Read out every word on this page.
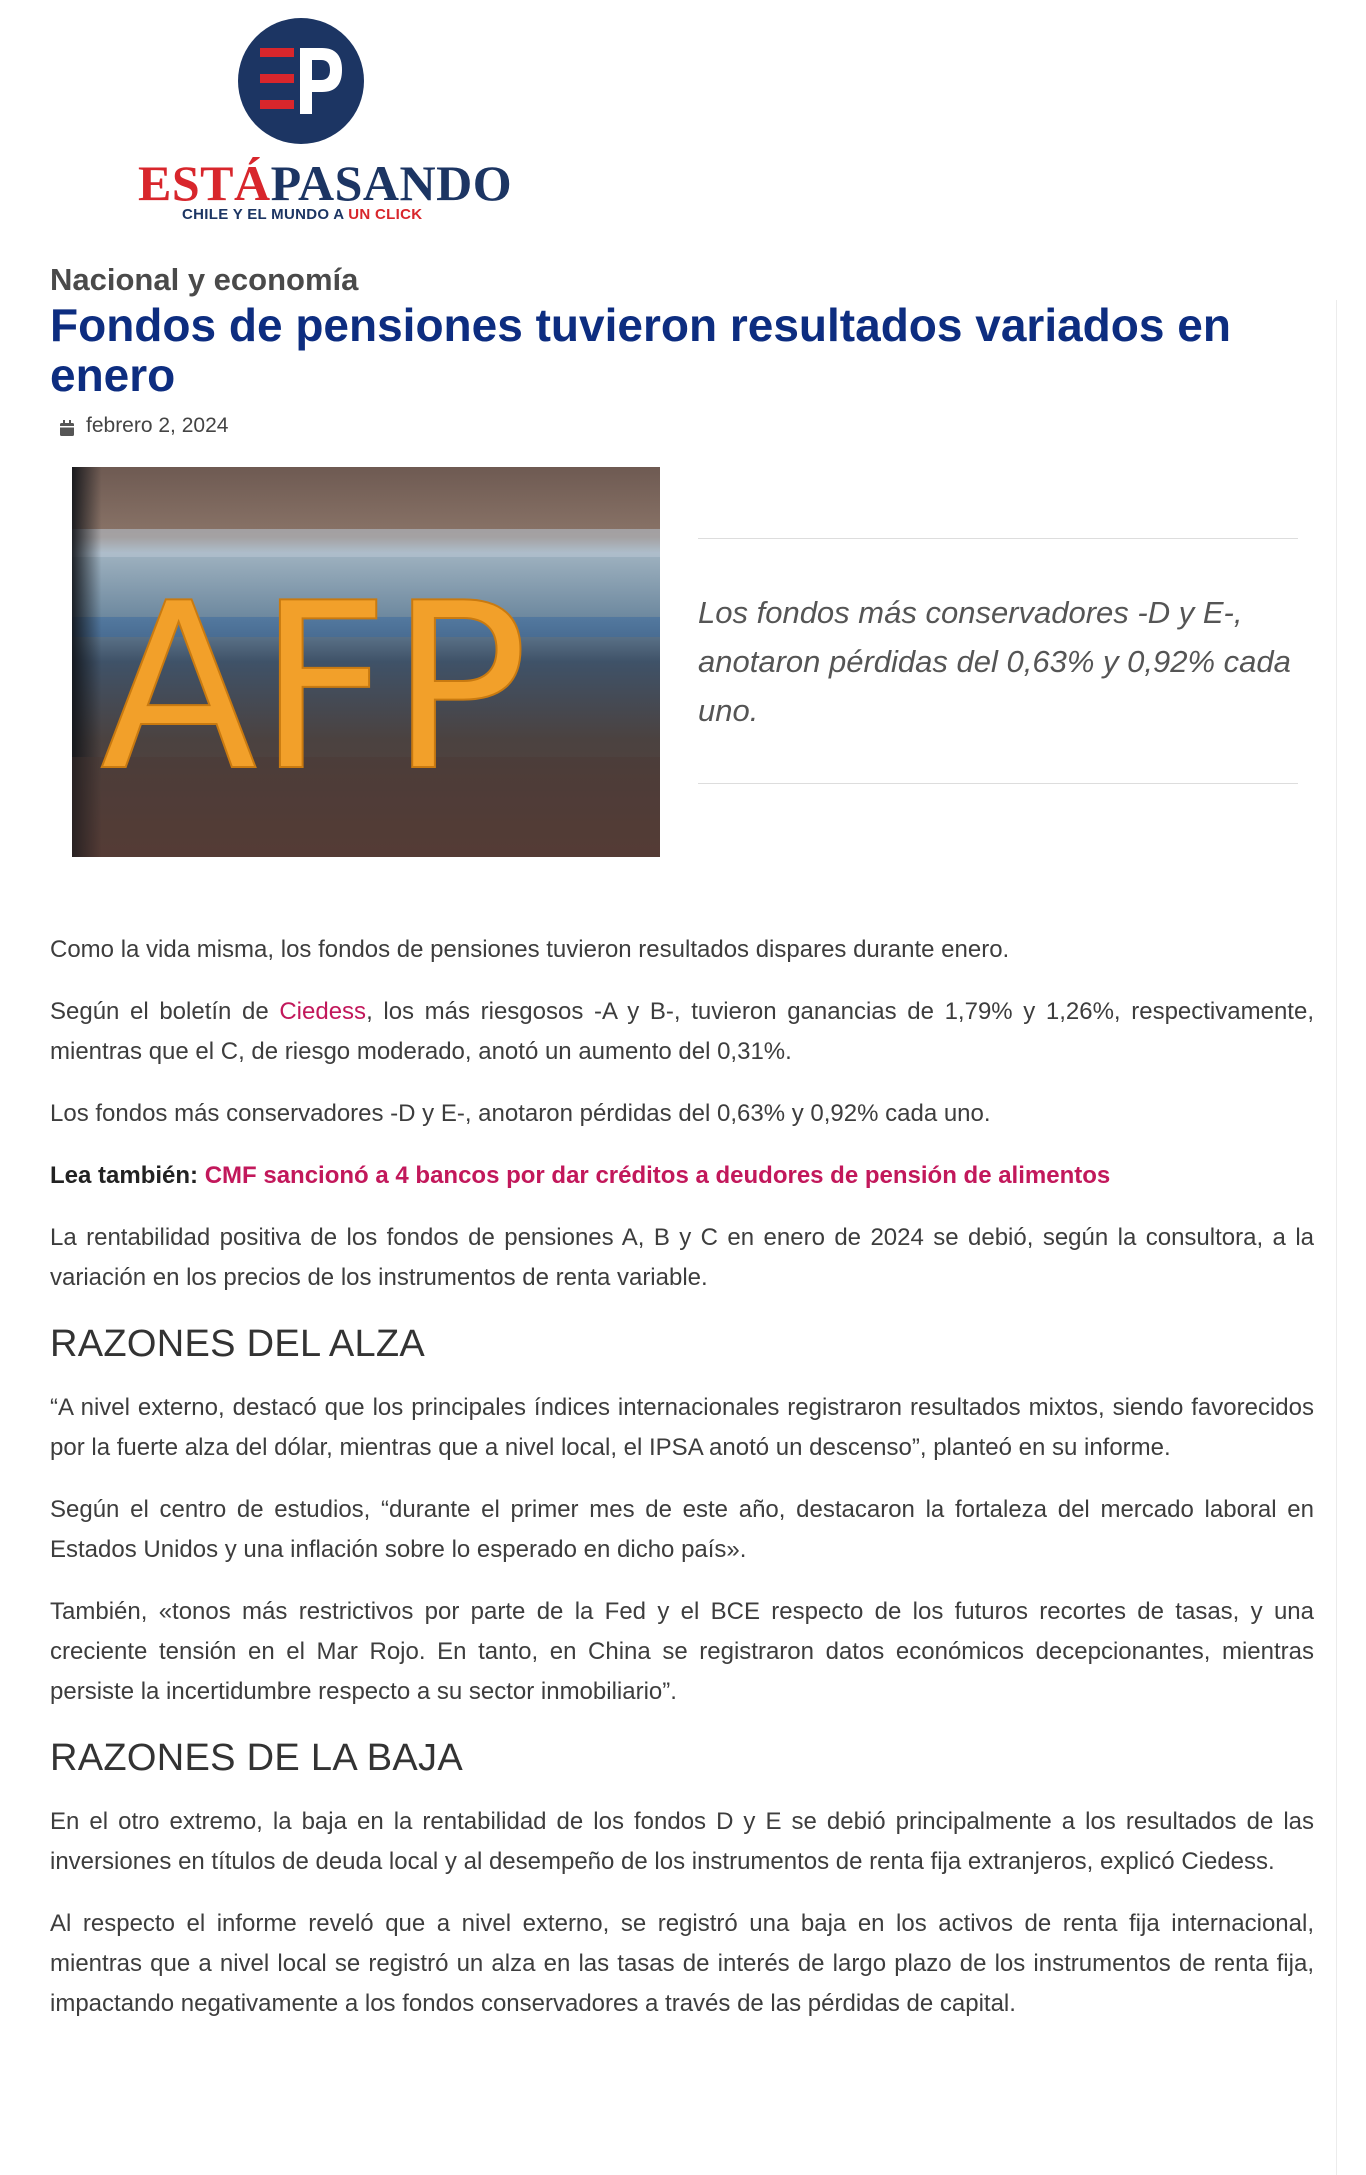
ESTÁPASANDO
CHILE Y EL MUNDO A UN CLICK
Nacional y economía
Fondos de pensiones tuvieron resultados variados en enero
febrero 2, 2024
AFP	Los fondos más conservadores -D y E-, anotaron pérdidas del 0,63% y 0,92% cada uno.

Como la vida misma, los fondos de pensiones tuvieron resultados dispares durante enero.

Según el boletín de Ciedess, los más riesgosos -A y B-, tuvieron ganancias de 1,79% y 1,26%, respectivamente, mientras que el C, de riesgo moderado, anotó un aumento del 0,31%.

Los fondos más conservadores -D y E-, anotaron pérdidas del 0,63% y 0,92% cada uno.

Lea también: CMF sancionó a 4 bancos por dar créditos a deudores de pensión de alimentos

La rentabilidad positiva de los fondos de pensiones A, B y C en enero de 2024 se debió, según la consultora, a la variación en los precios de los instrumentos de renta variable.

RAZONES DEL ALZA

“A nivel externo, destacó que los principales índices internacionales registraron resultados mixtos, siendo favorecidos por la fuerte alza del dólar, mientras que a nivel local, el IPSA anotó un descenso”, planteó en su informe.

Según el centro de estudios, “durante el primer mes de este año, destacaron la fortaleza del mercado laboral en Estados Unidos y una inflación sobre lo esperado en dicho país».

También, «tonos más restrictivos por parte de la Fed y el BCE respecto de los futuros recortes de tasas, y una creciente tensión en el Mar Rojo. En tanto, en China se registraron datos económicos decepcionantes, mientras persiste la incertidumbre respecto a su sector inmobiliario”.

RAZONES DE LA BAJA

En el otro extremo, la baja en la rentabilidad de los fondos D y E se debió principalmente a los resultados de las inversiones en títulos de deuda local y al desempeño de los instrumentos de renta fija extranjeros, explicó Ciedess.

Al respecto el informe reveló que a nivel externo, se registró una baja en los activos de renta fija internacional, mientras que a nivel local se registró un alza en las tasas de interés de largo plazo de los instrumentos de renta fija, impactando negativamente a los fondos conservadores a través de las pérdidas de capital.
